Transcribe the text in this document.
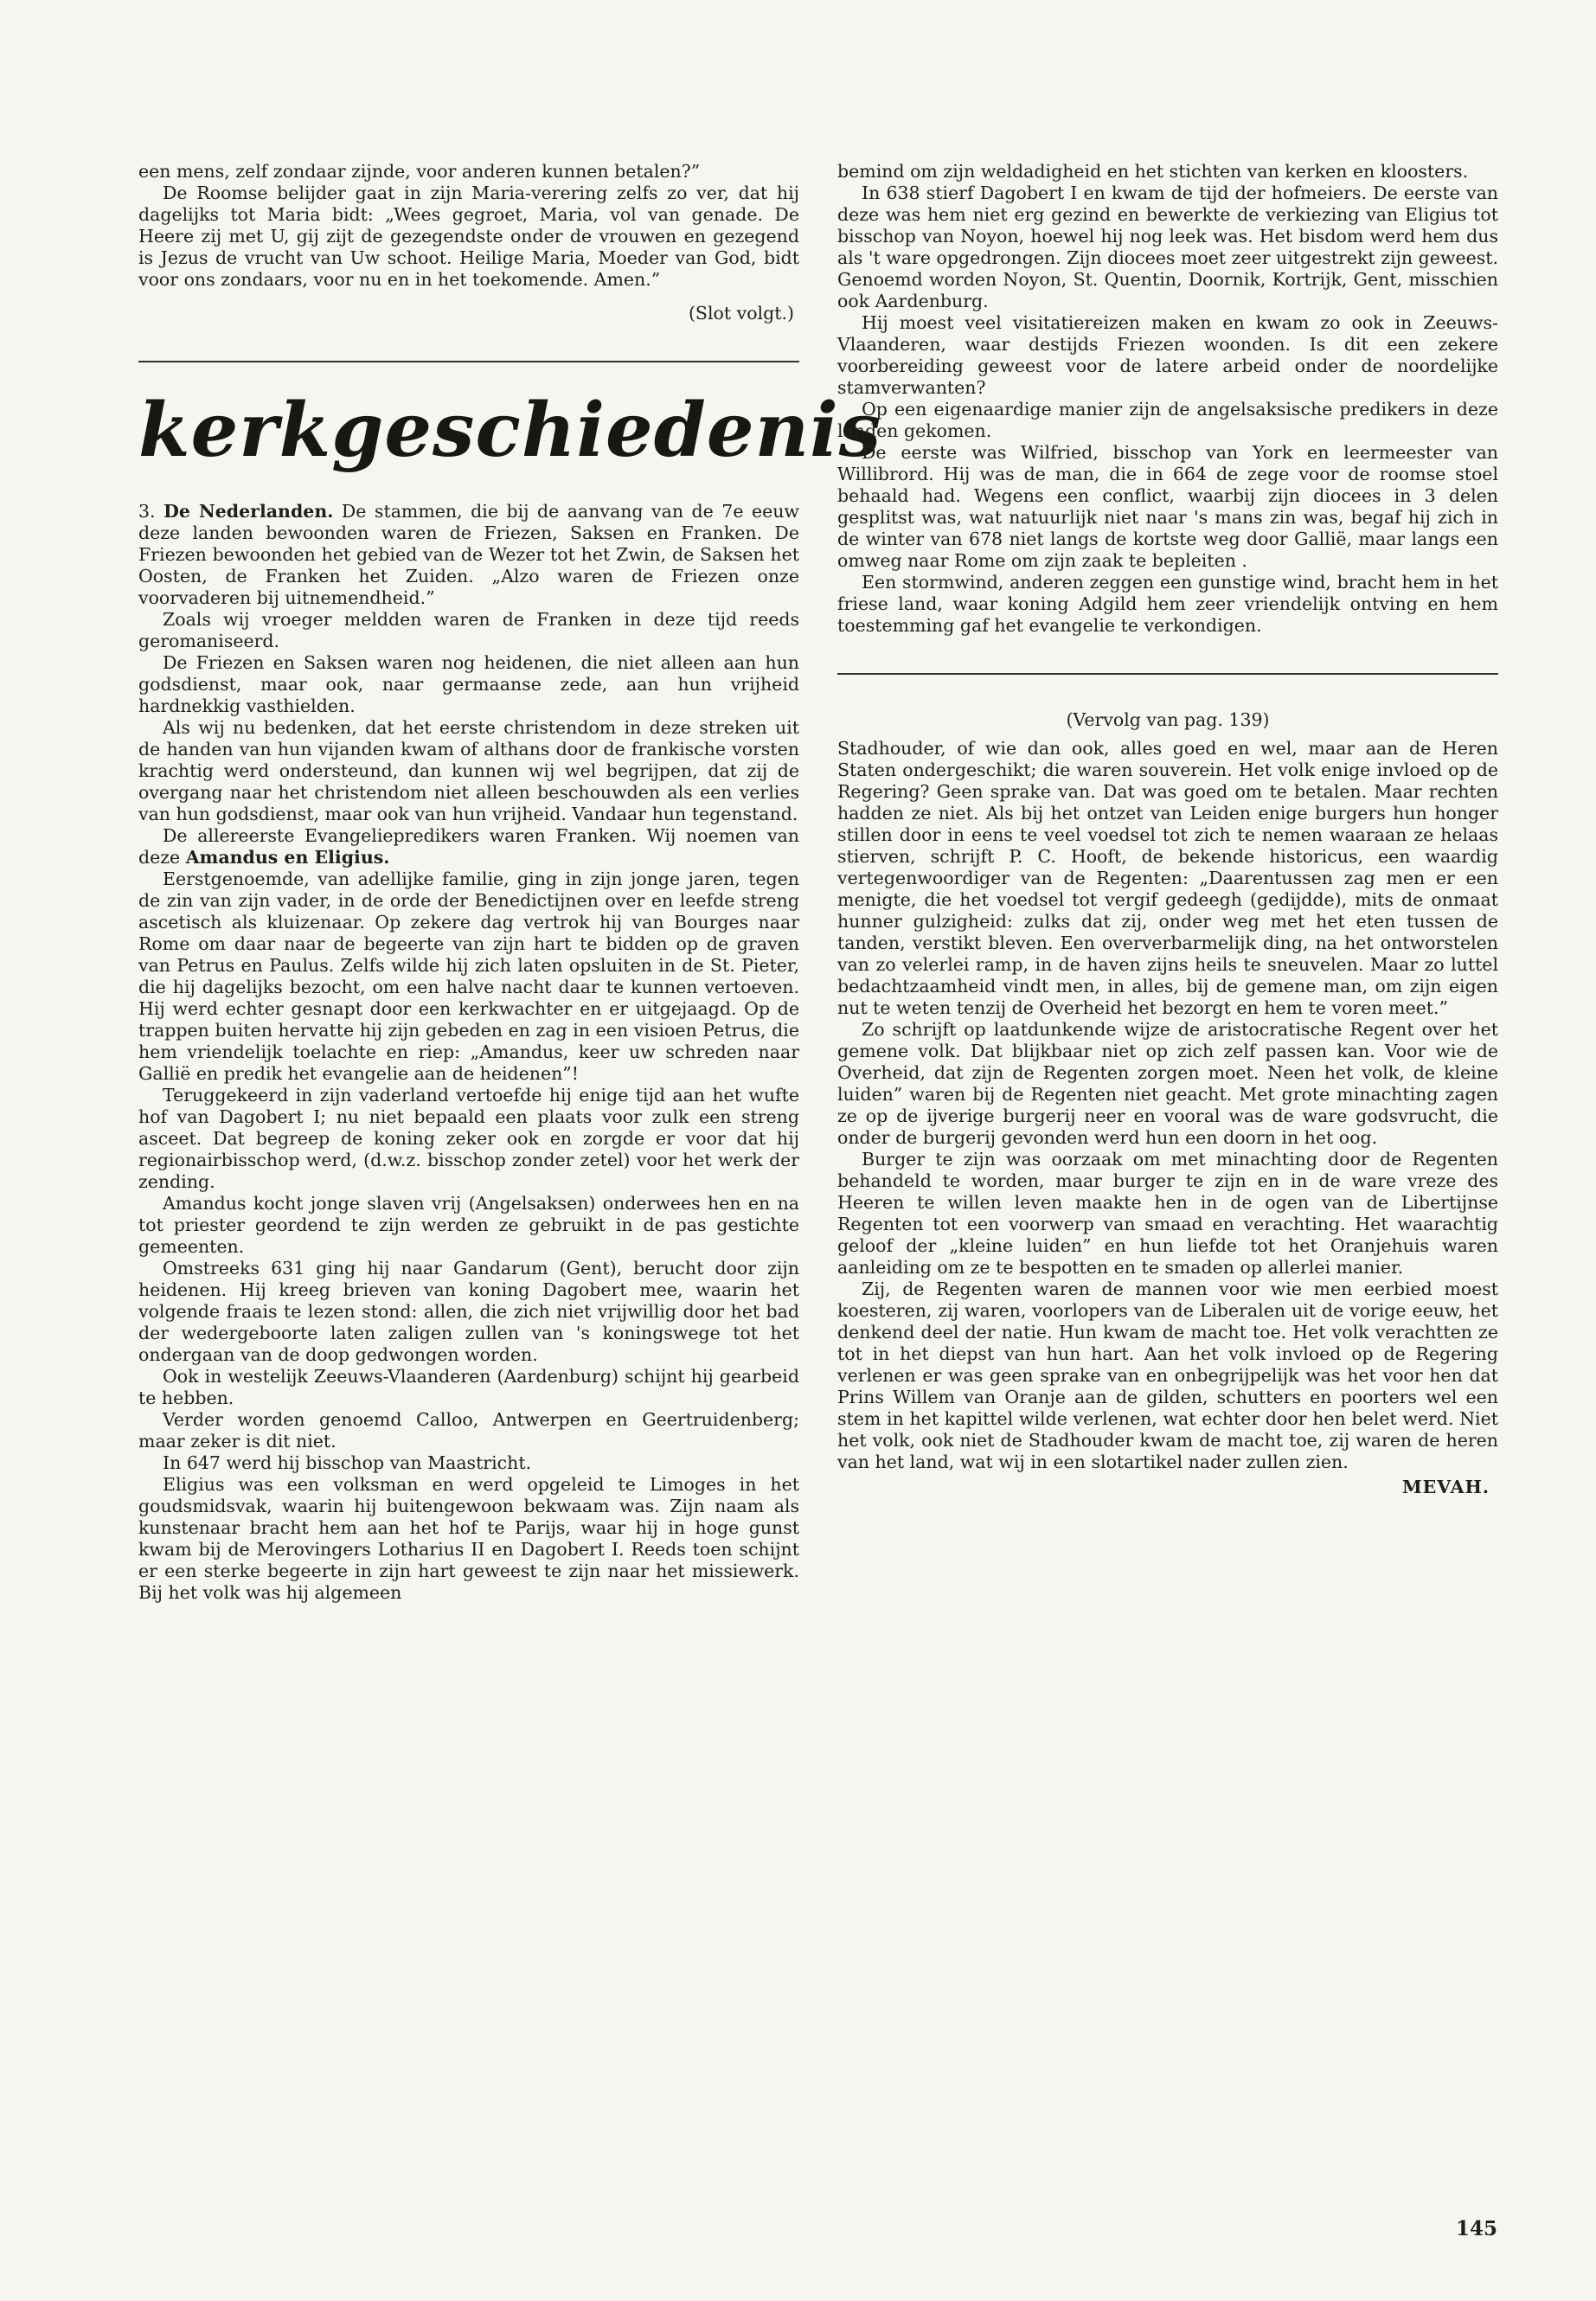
een mens, zelf zondaar zijnde, voor anderen kunnen betalen?”

De Roomse belijder gaat in zijn Maria-verering zelfs zo ver, dat hij dagelijks tot Maria bidt: „Wees gegroet, Maria, vol van genade. De Heere zij met U, gij zijt de gezegendste onder de vrouwen en gezegend is Jezus de vrucht van Uw schoot. Heilige Maria, Moeder van God, bidt voor ons zondaars, voor nu en in het toekomende. Amen.”

(Slot volgt.)

kerkgeschiedenis

3. De Nederlanden. De stammen, die bij de aanvang van de 7e eeuw deze landen bewoonden waren de Friezen, Saksen en Franken. De Friezen bewoonden het gebied van de Wezer tot het Zwin, de Saksen het Oosten, de Franken het Zuiden. „Alzo waren de Friezen onze voorvaderen bij uitnemendheid.”

Zoals wij vroeger meldden waren de Franken in deze tijd reeds geromaniseerd.

De Friezen en Saksen waren nog heidenen, die niet alleen aan hun godsdienst, maar ook, naar germaanse zede, aan hun vrijheid hardnekkig vasthielden.

Als wij nu bedenken, dat het eerste christendom in deze streken uit de handen van hun vijanden kwam of althans door de frankische vorsten krachtig werd ondersteund, dan kunnen wij wel begrijpen, dat zij de overgang naar het christendom niet alleen beschouwden als een verlies van hun godsdienst, maar ook van hun vrijheid. Vandaar hun tegenstand.

De allereerste Evangeliepredikers waren Franken. Wij noemen van deze Amandus en Eligius.

Eerstgenoemde, van adellijke familie, ging in zijn jonge jaren, tegen de zin van zijn vader, in de orde der Benedictijnen over en leefde streng ascetisch als kluizenaar. Op zekere dag vertrok hij van Bourges naar Rome om daar naar de begeerte van zijn hart te bidden op de graven van Petrus en Paulus. Zelfs wilde hij zich laten opsluiten in de St. Pieter, die hij dagelijks bezocht, om een halve nacht daar te kunnen vertoeven. Hij werd echter gesnapt door een kerkwachter en er uitgejaagd. Op de trappen buiten hervatte hij zijn gebeden en zag in een visioen Petrus, die hem vriendelijk toelachte en riep: „Amandus, keer uw schreden naar Gallië en predik het evangelie aan de heidenen”!

Teruggekeerd in zijn vaderland vertoefde hij enige tijd aan het wufte hof van Dagobert I; nu niet bepaald een plaats voor zulk een streng asceet. Dat begreep de koning zeker ook en zorgde er voor dat hij regionairbisschop werd, (d.w.z. bisschop zonder zetel) voor het werk der zending.

Amandus kocht jonge slaven vrij (Angelsaksen) onderwees hen en na tot priester geordend te zijn werden ze gebruikt in de pas gestichte gemeenten.

Omstreeks 631 ging hij naar Gandarum (Gent), berucht door zijn heidenen. Hij kreeg brieven van koning Dagobert mee, waarin het volgende fraais te lezen stond: allen, die zich niet vrijwillig door het bad der wedergeboorte laten zaligen zullen van 's koningswege tot het ondergaan van de doop gedwongen worden.

Ook in westelijk Zeeuws-Vlaanderen (Aardenburg) schijnt hij gearbeid te hebben.

Verder worden genoemd Calloo, Antwerpen en Geertruidenberg; maar zeker is dit niet.

In 647 werd hij bisschop van Maastricht.

Eligius was een volksman en werd opgeleid te Limoges in het goudsmidsvak, waarin hij buitengewoon bekwaam was. Zijn naam als kunstenaar bracht hem aan het hof te Parijs, waar hij in hoge gunst kwam bij de Merovingers Lotharius II en Dagobert I. Reeds toen schijnt er een sterke begeerte in zijn hart geweest te zijn naar het missiewerk. Bij het volk was hij algemeen

bemind om zijn weldadigheid en het stichten van kerken en kloosters.

In 638 stierf Dagobert I en kwam de tijd der hofmeiers. De eerste van deze was hem niet erg gezind en bewerkte de verkiezing van Eligius tot bisschop van Noyon, hoewel hij nog leek was. Het bisdom werd hem dus als 't ware opgedrongen. Zijn diocees moet zeer uitgestrekt zijn geweest. Genoemd worden Noyon, St. Quentin, Doornik, Kortrijk, Gent, misschien ook Aardenburg.

Hij moest veel visitatiereizen maken en kwam zo ook in Zeeuws-Vlaanderen, waar destijds Friezen woonden. Is dit een zekere voorbereiding geweest voor de latere arbeid onder de noordelijke stamverwanten?

Op een eigenaardige manier zijn de angelsaksische predikers in deze landen gekomen.

De eerste was Wilfried, bisschop van York en leermeester van Willibrord. Hij was de man, die in 664 de zege voor de roomse stoel behaald had. Wegens een conflict, waarbij zijn diocees in 3 delen gesplitst was, wat natuurlijk niet naar 's mans zin was, begaf hij zich in de winter van 678 niet langs de kortste weg door Gallië, maar langs een omweg naar Rome om zijn zaak te bepleiten .

Een stormwind, anderen zeggen een gunstige wind, bracht hem in het friese land, waar koning Adgild hem zeer vriendelijk ontving en hem toestemming gaf het evangelie te verkondigen.

(Vervolg van pag. 139)

Stadhouder, of wie dan ook, alles goed en wel, maar aan de Heren Staten ondergeschikt; die waren souverein. Het volk enige invloed op de Regering? Geen sprake van. Dat was goed om te betalen. Maar rechten hadden ze niet. Als bij het ontzet van Leiden enige burgers hun honger stillen door in eens te veel voedsel tot zich te nemen waaraan ze helaas stierven, schrijft P. C. Hooft, de bekende historicus, een waardig vertegenwoordiger van de Regenten: „Daarentussen zag men er een menigte, die het voedsel tot vergif gedeegh (gedijdde), mits de onmaat hunner gulzigheid: zulks dat zij, onder weg met het eten tussen de tanden, verstikt bleven. Een oververbarmelijk ding, na het ontworstelen van zo velerlei ramp, in de haven zijns heils te sneuvelen. Maar zo luttel bedachtzaamheid vindt men, in alles, bij de gemene man, om zijn eigen nut te weten tenzij de Overheid het bezorgt en hem te voren meet.”

Zo schrijft op laatdunkende wijze de aristocratische Regent over het gemene volk. Dat blijkbaar niet op zich zelf passen kan. Voor wie de Overheid, dat zijn de Regenten zorgen moet. Neen het volk, de kleine luiden” waren bij de Regenten niet geacht. Met grote minachting zagen ze op de ijverige burgerij neer en vooral was de ware godsvrucht, die onder de burgerij gevonden werd hun een doorn in het oog.

Burger te zijn was oorzaak om met minachting door de Regenten behandeld te worden, maar burger te zijn en in de ware vreze des Heeren te willen leven maakte hen in de ogen van de Libertijnse Regenten tot een voorwerp van smaad en verachting. Het waarachtig geloof der „kleine luiden” en hun liefde tot het Oranjehuis waren aanleiding om ze te bespotten en te smaden op allerlei manier.

Zij, de Regenten waren de mannen voor wie men eerbied moest koesteren, zij waren, voorlopers van de Liberalen uit de vorige eeuw, het denkend deel der natie. Hun kwam de macht toe. Het volk verachtten ze tot in het diepst van hun hart. Aan het volk invloed op de Regering verlenen er was geen sprake van en onbegrijpelijk was het voor hen dat Prins Willem van Oranje aan de gilden, schutters en poorters wel een stem in het kapittel wilde verlenen, wat echter door hen belet werd. Niet het volk, ook niet de Stadhouder kwam de macht toe, zij waren de heren van het land, wat wij in een slotartikel nader zullen zien.

MEVAH.

145
